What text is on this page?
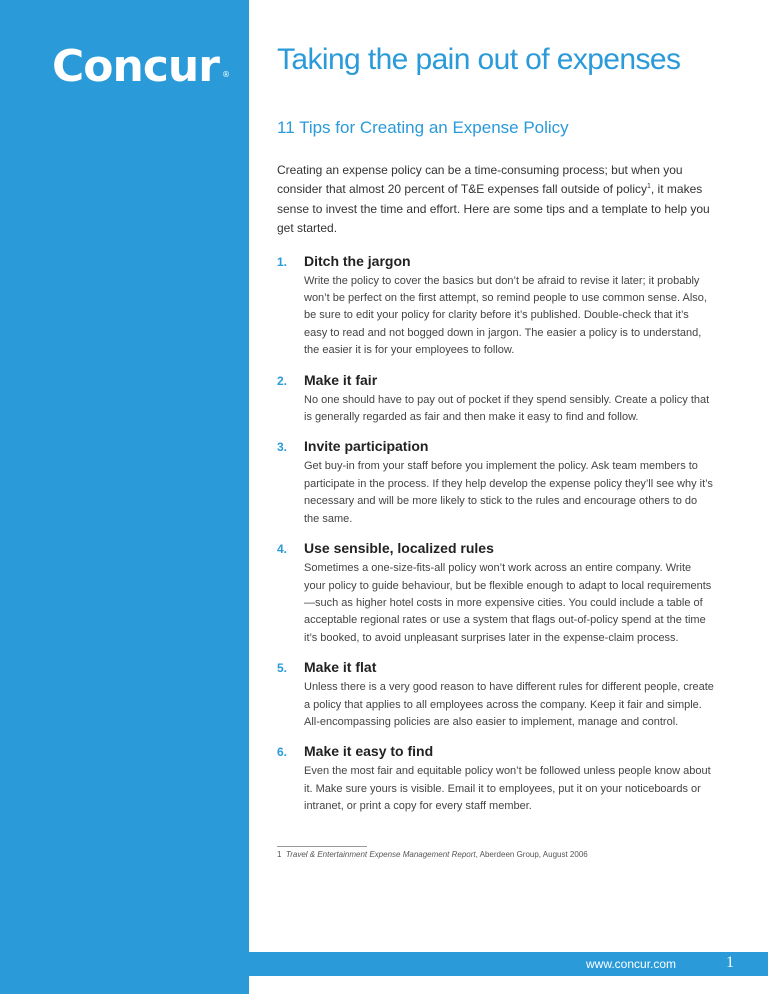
Concur ® Taking the pain out of expenses
11 Tips for Creating an Expense Policy

Creating an expense policy can be a time-consuming process; but when you consider that almost 20 percent of T&E expenses fall outside of policy$^1$, it makes sense to invest the time and effort. Here are some tips and a template to help you get started.

1. Ditch the jargon

Write the policy to cover the basics but don’t be afraid to revise it later; it probably won’t be perfect on the first attempt, so remind people to use common sense. Also, be sure to edit your policy for clarity before it’s published. Double-check that it’s easy to read and not bogged down in jargon. The easier a policy is to understand, the easier it is for your employees to follow.

2. Make it fair

No one should have to pay out of pocket if they spend sensibly. Create a policy that is generally regarded as fair and then make it easy to find and follow.

3. Invite participation

Get buy-in from your staff before you implement the policy. Ask team members to participate in the process. If they help develop the expense policy they’ll see why it’s necessary and will be more likely to stick to the rules and encourage others to do the same.

4. Use sensible, localized rules

Sometimes a one-size-fits-all policy won’t work across an entire company. Write your policy to guide behaviour, but be flexible enough to adapt to local requirements—such as higher hotel costs in more expensive cities. You could include a table of acceptable regional rates or use a system that flags out-of-policy spend at the time it’s booked, to avoid unpleasant surprises later in the expense-claim process.

5. Make it flat

Unless there is a very good reason to have different rules for different people, create a policy that applies to all employees across the company. Keep it fair and simple. All-encompassing policies are also easier to implement, manage and control.

6. Make it easy to find

Even the most fair and equitable policy won’t be followed unless people know about it. Make sure yours is visible. Email it to employees, put it on your noticeboards or intranet, or print a copy for every staff member.

1 Travel & Entertainment Expense Management Report, Aberdeen Group, August 2006
www.concur.com	1
